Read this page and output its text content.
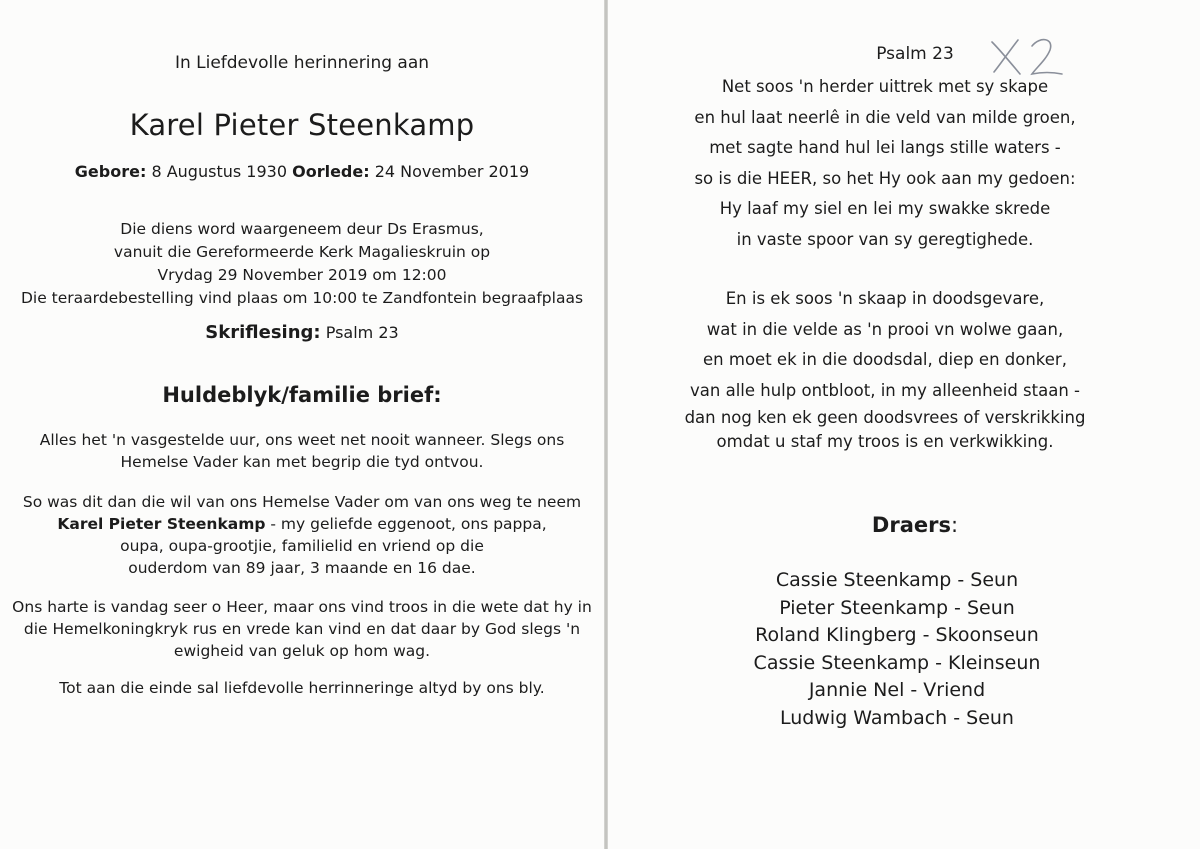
In Liefdevolle herinnering aan
Karel Pieter Steenkamp
Gebore: 8 Augustus 1930 Oorlede: 24 November 2019
Die diens word waargeneem deur Ds Erasmus,
vanuit die Gereformeerde Kerk Magalieskruin op
Vrydag 29 November 2019 om 12:00
Die teraardebestelling vind plaas om 10:00 te Zandfontein begraafplaas
Skriflesing: Psalm 23
Huldeblyk/familie brief:
Alles het 'n vasgestelde uur, ons weet net nooit wanneer. Slegs ons
Hemelse Vader kan met begrip die tyd ontvou.
So was dit dan die wil van ons Hemelse Vader om van ons weg te neem
Karel Pieter Steenkamp - my geliefde eggenoot, ons pappa,
oupa, oupa-grootjie, familielid en vriend op die
ouderdom van 89 jaar, 3 maande en 16 dae.
Ons harte is vandag seer o Heer, maar ons vind troos in die wete dat hy in
die Hemelkoningkryk rus en vrede kan vind en dat daar by God slegs 'n
ewigheid van geluk op hom wag.
Tot aan die einde sal liefdevolle herrinneringe altyd by ons bly.
Psalm 23
Net soos 'n herder uittrek met sy skape
en hul laat neerlê in die veld van milde groen,
met sagte hand hul lei langs stille waters -
so is die HEER, so het Hy ook aan my gedoen:
Hy laaf my siel en lei my swakke skrede
in vaste spoor van sy geregtighede.
En is ek soos 'n skaap in doodsgevare,
wat in die velde as 'n prooi vn wolwe gaan,
en moet ek in die doodsdal, diep en donker,
van alle hulp ontbloot, in my alleenheid staan -
dan nog ken ek geen doodsvrees of verskrikking
omdat u staf my troos is en verkwikking.
Draers:
Cassie Steenkamp - Seun
Pieter Steenkamp - Seun
Roland Klingberg - Skoonseun
Cassie Steenkamp - Kleinseun
Jannie Nel - Vriend
Ludwig Wambach - Seun
